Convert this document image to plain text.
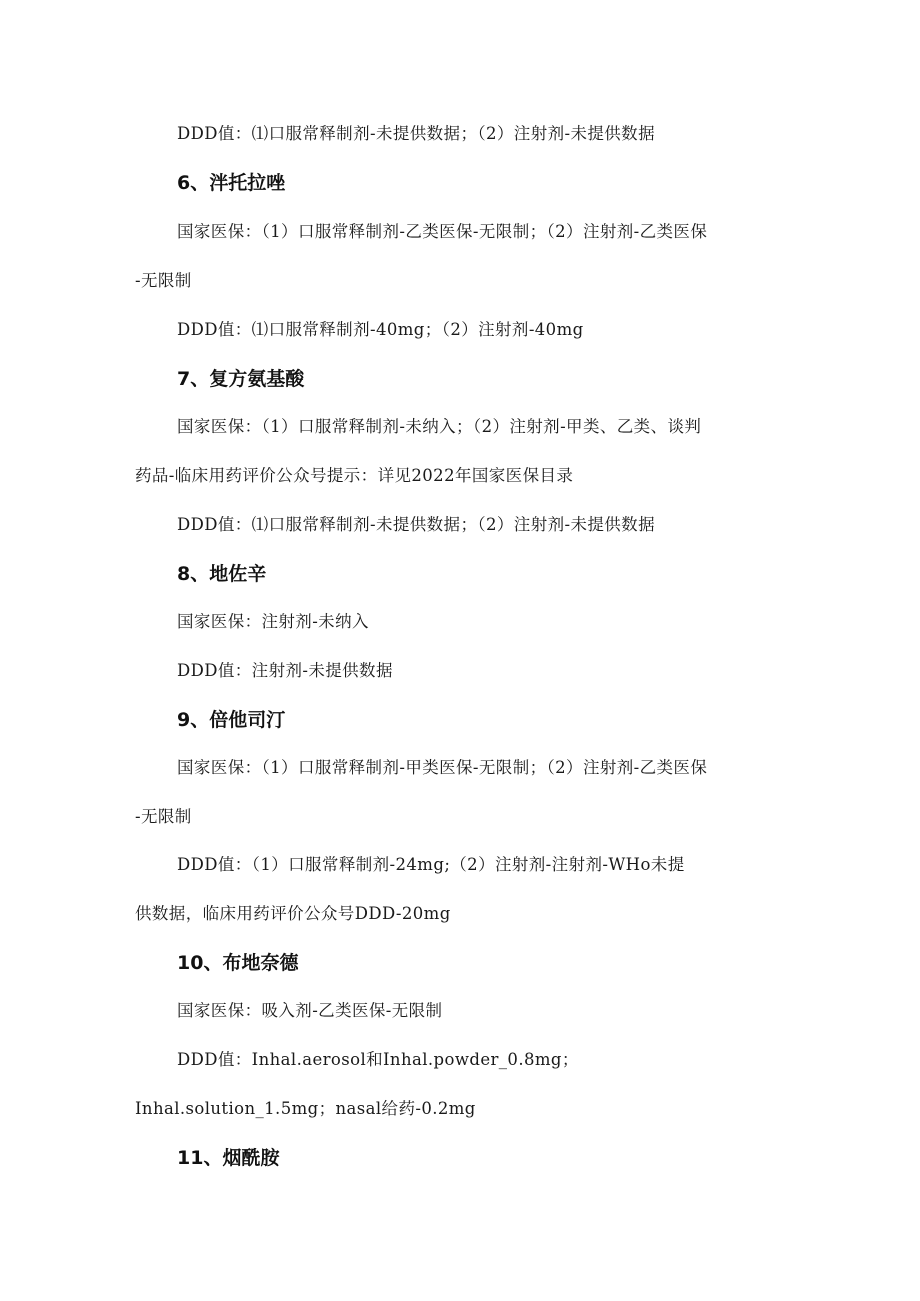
DDD值：⑴口服常释制剂-未提供数据；（2）注射剂-未提供数据
6、泮托拉唑
国家医保：（1）口服常释制剂-乙类医保-无限制；（2）注射剂-乙类医保
-无限制
DDD值：⑴口服常释制剂-40mg；（2）注射剂-40mg
7、复方氨基酸
国家医保：（1）口服常释制剂-未纳入；（2）注射剂-甲类、乙类、谈判
药品-临床用药评价公众号提示：详见2022年国家医保目录
DDD值：⑴口服常释制剂-未提供数据；（2）注射剂-未提供数据
8、地佐辛
国家医保：注射剂-未纳入
DDD值：注射剂-未提供数据
9、倍他司汀
国家医保：（1）口服常释制剂-甲类医保-无限制；（2）注射剂-乙类医保
-无限制
DDD值：（1）口服常释制剂-24mg;（2）注射剂-注射剂-WHo未提
供数据，临床用药评价公众号DDD-20mg
10、布地奈德
国家医保：吸入剂-乙类医保-无限制
DDD值：Inhal.aerosol和Inhal.powder_0.8mg；
Inhal.solution_1.5mg；nasal给药-0.2mg
11、烟酰胺
